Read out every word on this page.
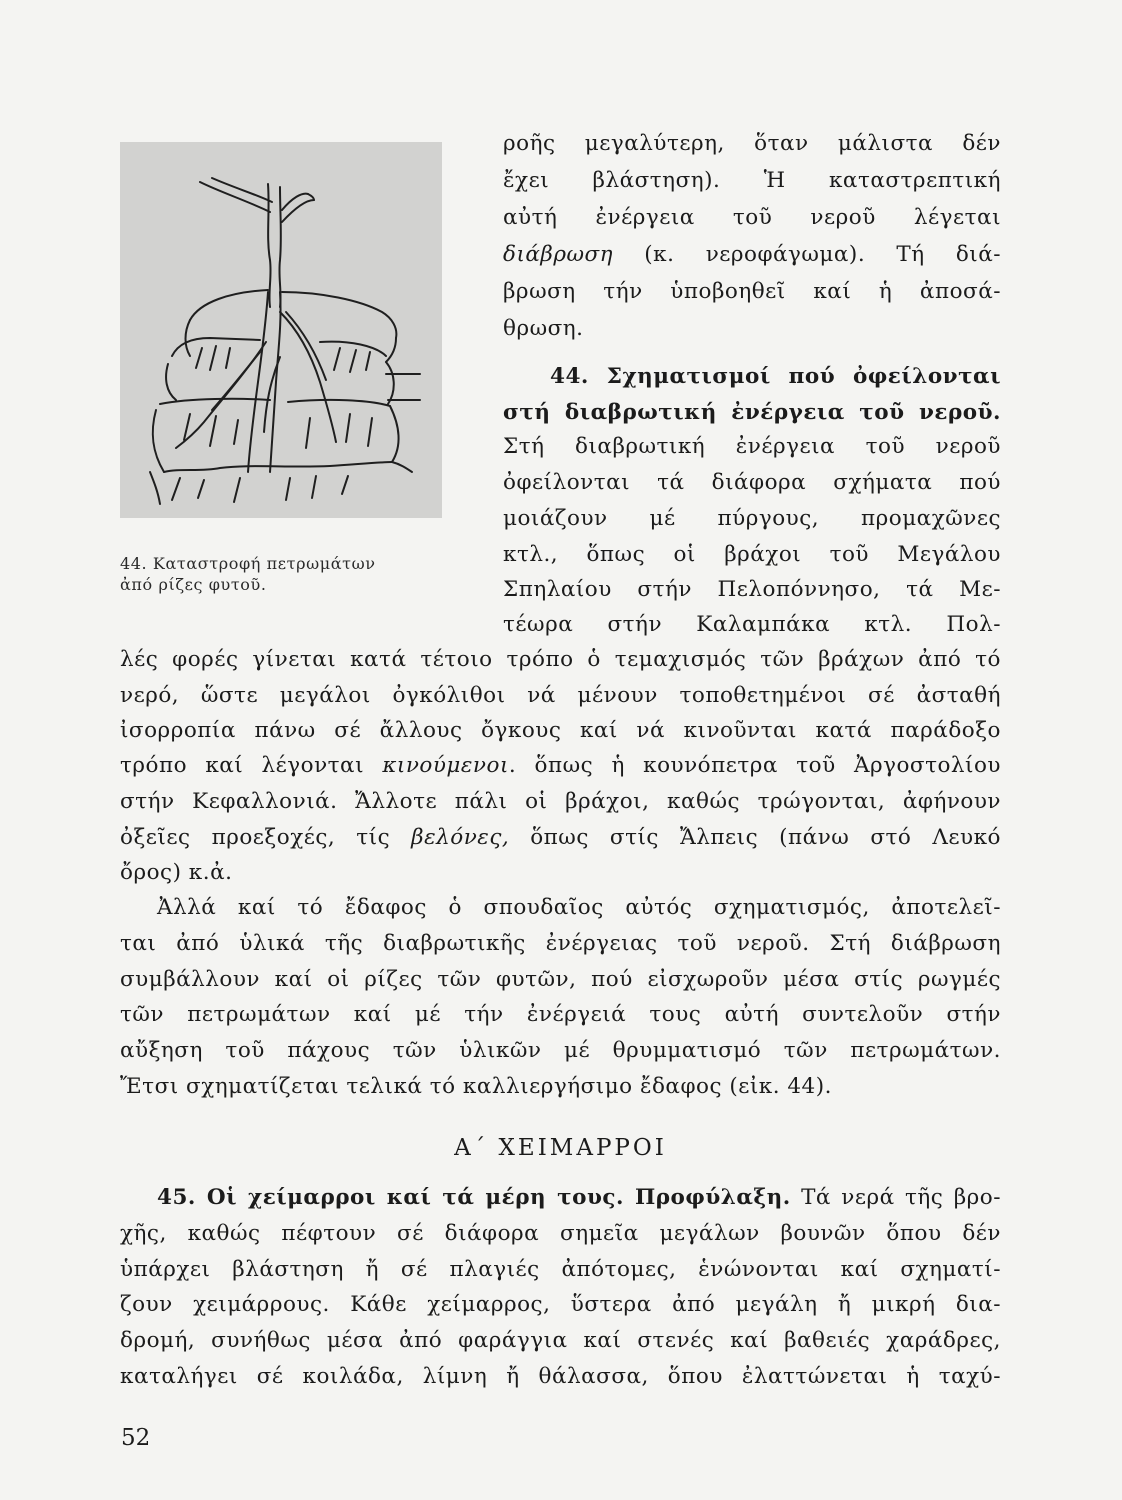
44. Καταστροφή πετρωμάτων
ἀπό ρίζες φυτοῦ.
ροῆς μεγαλύτερη, ὅταν μάλιστα δέν
ἔχει βλάστηση). Ἡ καταστρεπτική
αὐτή ἐνέργεια τοῦ νεροῦ λέγεται
διάβρωση (κ. νεροφάγωμα). Τή διά-
βρωση τήν ὑποβοηθεῖ καί ἡ ἀποσά-
θρωση.
44. Σχηματισμοί πού ὀφείλονται
στή διαβρωτική ἐνέργεια τοῦ νεροῦ.
Στή διαβρωτική ἐνέργεια τοῦ νεροῦ
ὀφείλονται τά διάφορα σχήματα πού
μοιάζουν μέ πύργους, προμαχῶνες
κτλ., ὅπως οἱ βράχοι τοῦ Μεγάλου
Σπηλαίου στήν Πελοπόννησο, τά Με-
τέωρα στήν Καλαμπάκα κτλ. Πολ-
λές φορές γίνεται κατά τέτοιο τρόπο ὁ τεμαχισμός τῶν βράχων ἀπό τό
νερό, ὥστε μεγάλοι ὀγκόλιθοι νά μένουν τοποθετημένοι σέ ἀσταθή
ἰσορροπία πάνω σέ ἄλλους ὄγκους καί νά κινοῦνται κατά παράδοξο
τρόπο καί λέγονται κινούμενοι. ὅπως ἡ κουνόπετρα τοῦ Ἀργοστολίου
στήν Κεφαλλονιά. Ἄλλοτε πάλι οἱ βράχοι, καθώς τρώγονται, ἀφήνουν
ὀξεῖες προεξοχές, τίς βελόνες, ὅπως στίς Ἄλπεις (πάνω στό Λευκό
ὄρος) κ.ἀ.
Ἀλλά καί τό ἔδαφος ὁ σπουδαῖος αὐτός σχηματισμός, ἀποτελεῖ-
ται ἀπό ὑλικά τῆς διαβρωτικῆς ἐνέργειας τοῦ νεροῦ. Στή διάβρωση
συμβάλλουν καί οἱ ρίζες τῶν φυτῶν, πού εἰσχωροῦν μέσα στίς ρωγμές
τῶν πετρωμάτων καί μέ τήν ἐνέργειά τους αὐτή συντελοῦν στήν
αὔξηση τοῦ πάχους τῶν ὑλικῶν μέ θρυμματισμό τῶν πετρωμάτων.
Ἔτσι σχηματίζεται τελικά τό καλλιεργήσιμο ἔδαφος (εἰκ. 44).
Α΄ ΧΕΙΜΑΡΡΟΙ
45. Οἱ χείμαρροι καί τά μέρη τους. Προφύλαξη. Τά νερά τῆς βρο-
χῆς, καθώς πέφτουν σέ διάφορα σημεῖα μεγάλων βουνῶν ὅπου δέν
ὑπάρχει βλάστηση ἤ σέ πλαγιές ἀπότομες, ἑνώνονται καί σχηματί-
ζουν χειμάρρους. Κάθε χείμαρρος, ὕστερα ἀπό μεγάλη ἤ μικρή δια-
δρομή, συνήθως μέσα ἀπό φαράγγια καί στενές καί βαθειές χαράδρες,
καταλήγει σέ κοιλάδα, λίμνη ἤ θάλασσα, ὅπου ἐλαττώνεται ἡ ταχύ-
52
